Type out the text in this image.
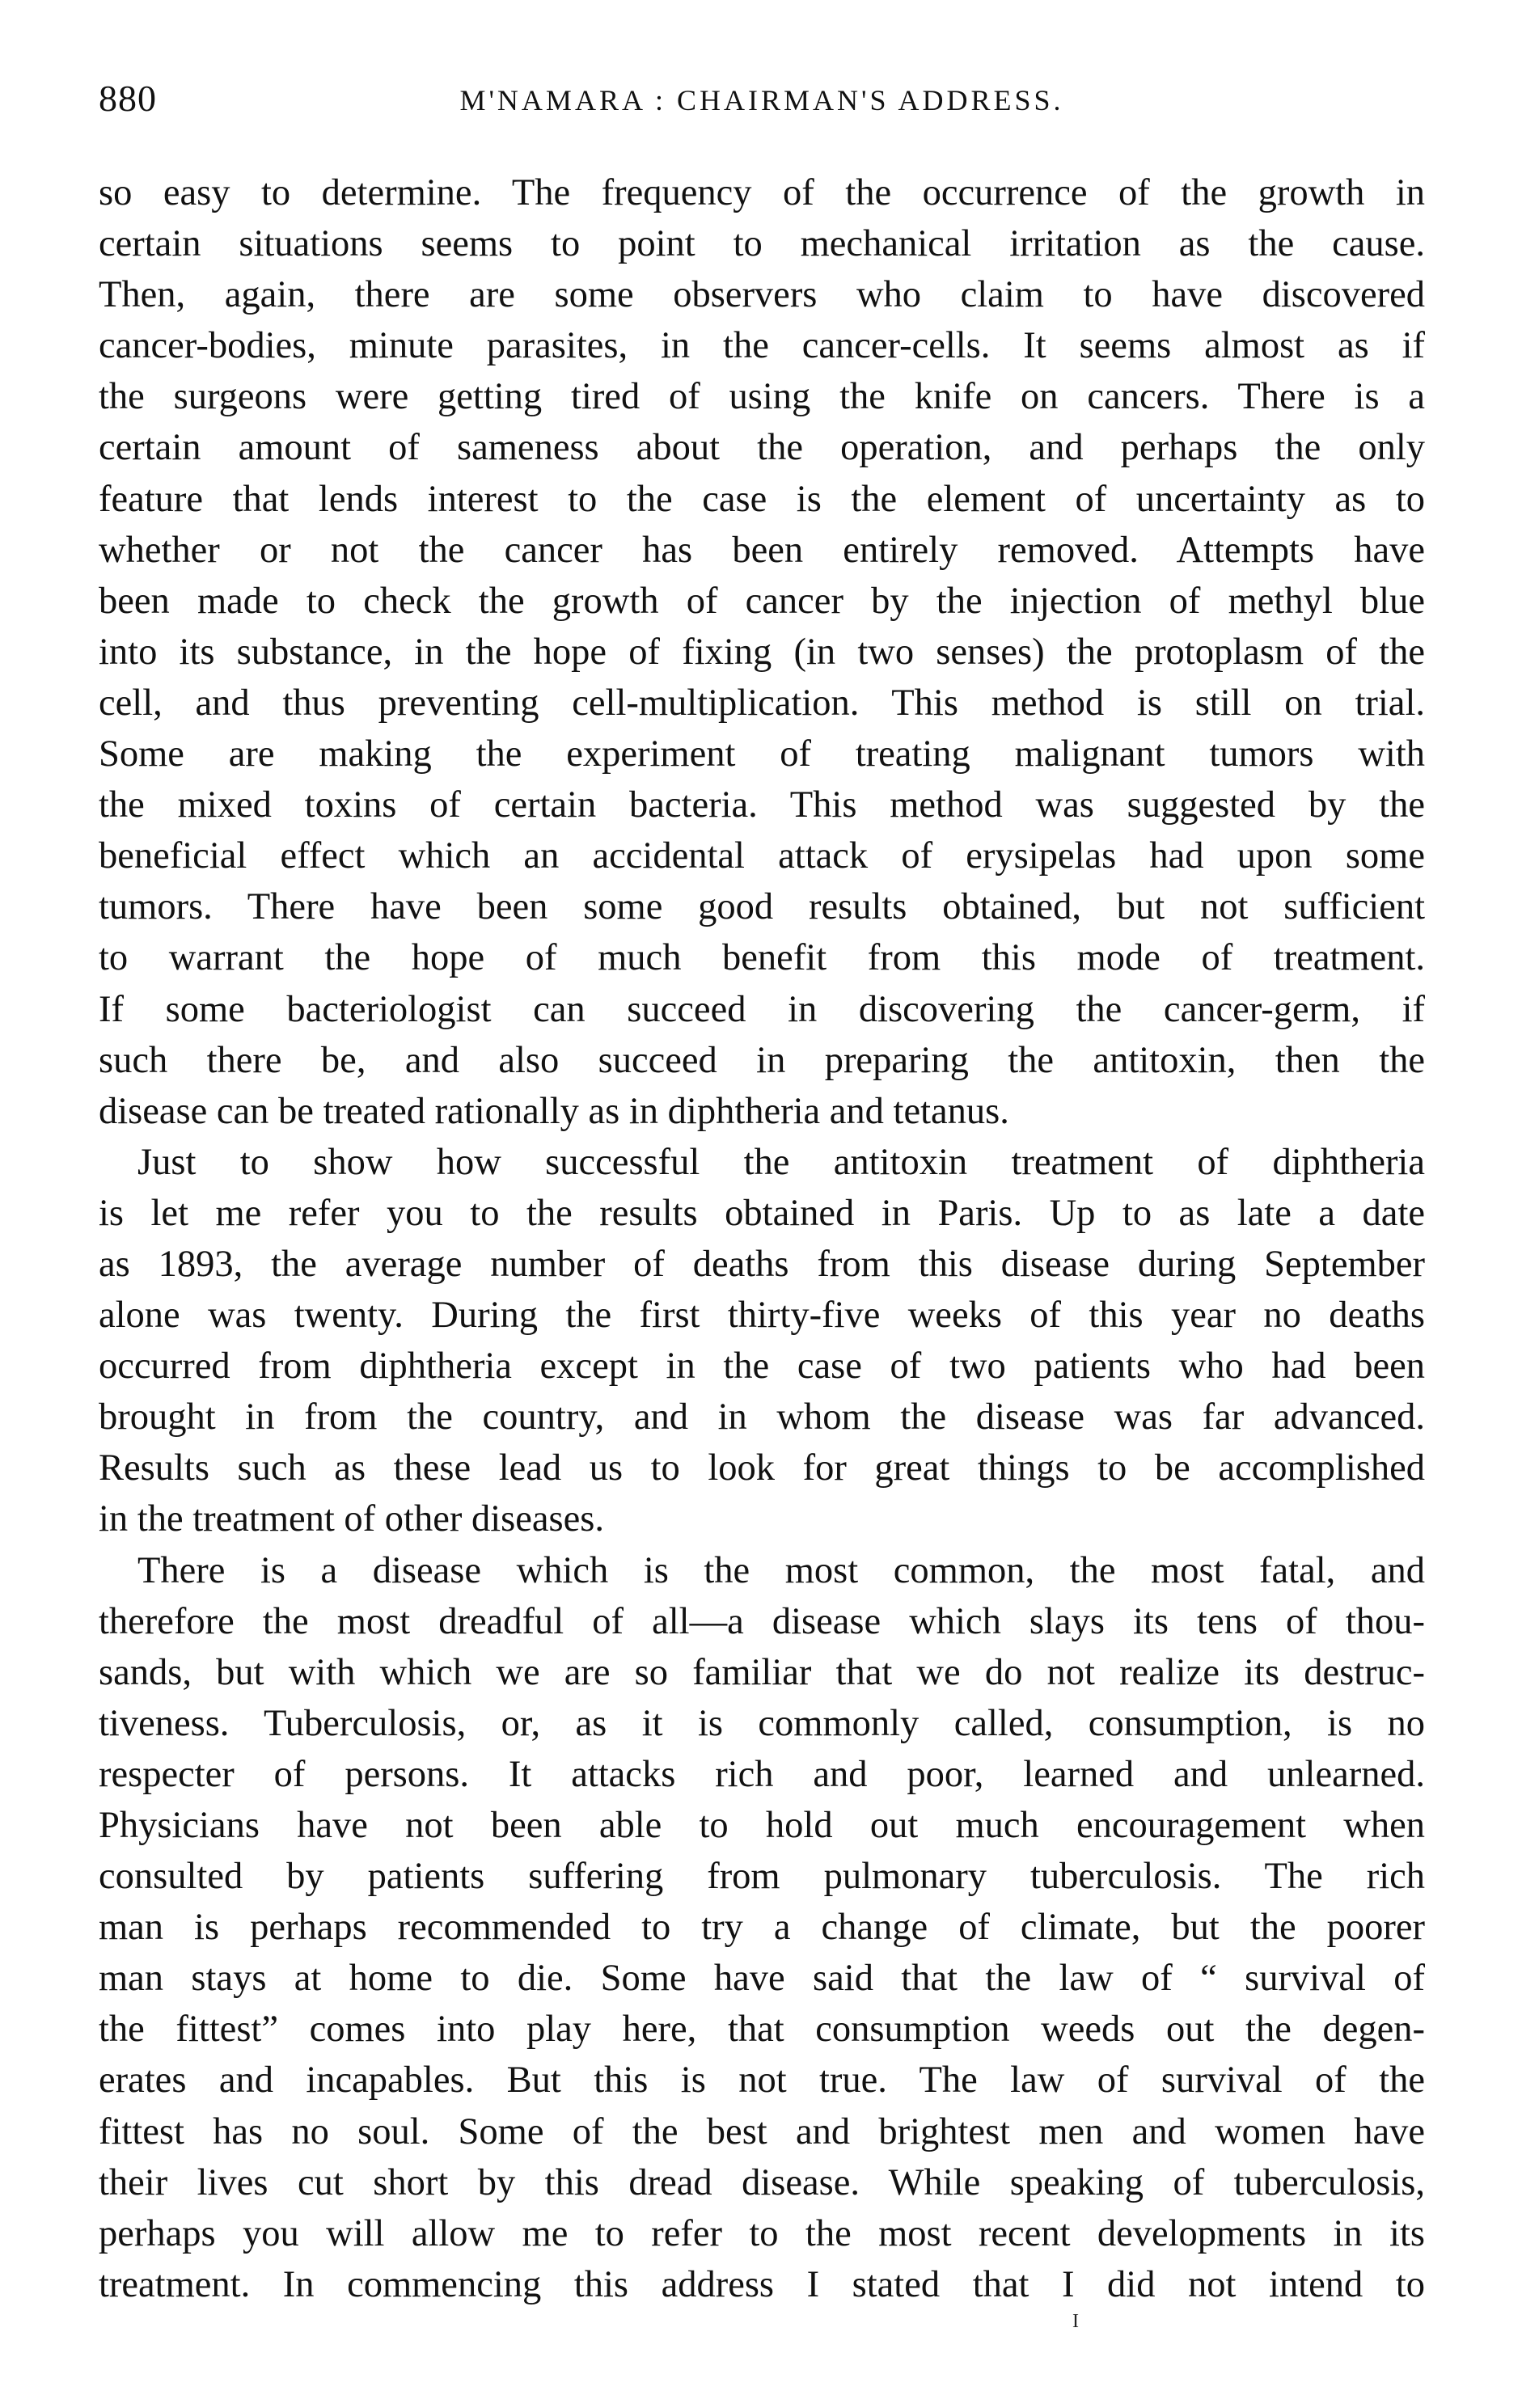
880	M'NAMARA : CHAIRMAN'S ADDRESS.
so easy to determine. The frequency of the occurrence of the growth in
certain situations seems to point to mechanical irritation as the cause.
Then, again, there are some observers who claim to have discovered
cancer-bodies, minute parasites, in the cancer-cells. It seems almost as if
the surgeons were getting tired of using the knife on cancers. There is a
certain amount of sameness about the operation, and perhaps the only
feature that lends interest to the case is the element of uncertainty as to
whether or not the cancer has been entirely removed. Attempts have
been made to check the growth of cancer by the injection of methyl blue
into its substance, in the hope of fixing (in two senses) the protoplasm of the
cell, and thus preventing cell-multiplication. This method is still on trial.
Some are making the experiment of treating malignant tumors with
the mixed toxins of certain bacteria. This method was suggested by the
beneficial effect which an accidental attack of erysipelas had upon some
tumors. There have been some good results obtained, but not sufficient
to warrant the hope of much benefit from this mode of treatment.
If some bacteriologist can succeed in discovering the cancer-germ, if
such there be, and also succeed in preparing the antitoxin, then the
disease can be treated rationally as in diphtheria and tetanus.
Just to show how successful the antitoxin treatment of diphtheria
is let me refer you to the results obtained in Paris. Up to as late a date
as 1893, the average number of deaths from this disease during September
alone was twenty. During the first thirty-five weeks of this year no deaths
occurred from diphtheria except in the case of two patients who had been
brought in from the country, and in whom the disease was far advanced.
Results such as these lead us to look for great things to be accomplished
in the treatment of other diseases.
There is a disease which is the most common, the most fatal, and
therefore the most dreadful of all—a disease which slays its tens of thou-
sands, but with which we are so familiar that we do not realize its destruc-
tiveness. Tuberculosis, or, as it is commonly called, consumption, is no
respecter of persons. It attacks rich and poor, learned and unlearned.
Physicians have not been able to hold out much encouragement when
consulted by patients suffering from pulmonary tuberculosis. The rich
man is perhaps recommended to try a change of climate, but the poorer
man stays at home to die. Some have said that the law of “ survival of
the fittest” comes into play here, that consumption weeds out the degen-
erates and incapables. But this is not true. The law of survival of the
fittest has no soul. Some of the best and brightest men and women have
their lives cut short by this dread disease. While speaking of tuberculosis,
perhaps you will allow me to refer to the most recent developments in its
treatment. In commencing this address I stated that I did not intend to
I
